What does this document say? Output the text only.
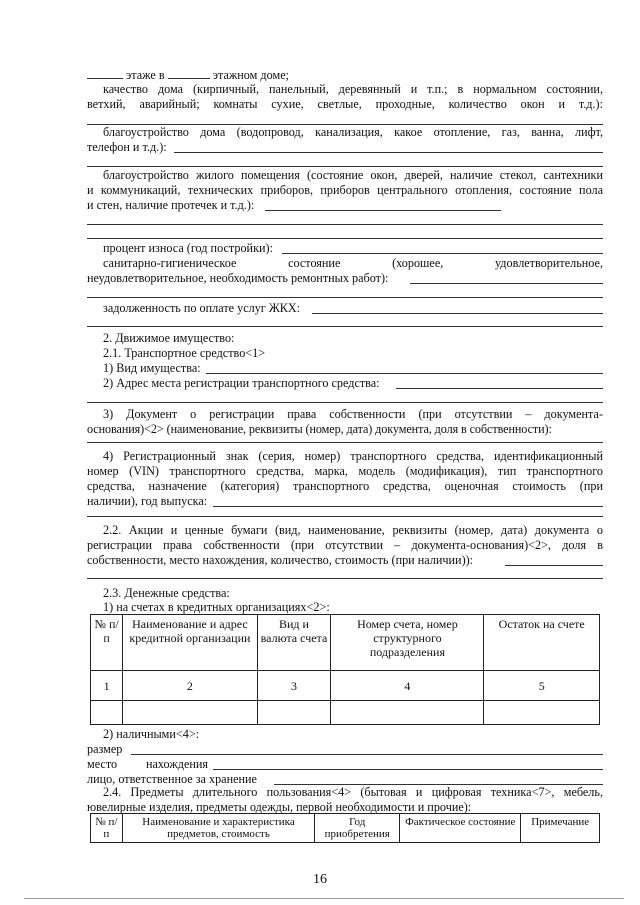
этаже в	этажном доме;
качество дома (кирпичный, панельный, деревянный и т.п.; в нормальном состоянии,
ветхий, аварийный; комнаты сухие, светлые, проходные, количество окон и т.д.):
благоустройство дома (водопровод, канализация, какое отопление, газ, ванна, лифт,
телефон и т.д.):
благоустройство жилого помещения (состояние окон, дверей, наличие стекол, сантехники
и коммуникаций, технических приборов, приборов центрального отопления, состояние пола
и стен, наличие протечек и т.д.):
процент износа (год постройки):
санитарно-гигиеническое состояние (хорошее, удовлетворительное,
неудовлетворительное, необходимость ремонтных работ):
задолженность по оплате услуг ЖКХ:
2. Движимое имущество:
2.1. Транспортное средство<1>
1) Вид имущества:
2) Адрес места регистрации транспортного средства:
3) Документ о регистрации права собственности (при отсутствии – документа-
основания)<2> (наименование, реквизиты (номер, дата) документа, доля в собственности):
4) Регистрационный знак (серия, номер) транспортного средства, идентификационный
номер (VIN) транспортного средства, марка, модель (модификация), тип транспортного
средства, назначение (категория) транспортного средства, оценочная стоимость (при
наличии), год выпуска:
2.2. Акции и ценные бумаги (вид, наименование, реквизиты (номер, дата) документа о
регистрации права собственности (при отсутствии – документа-основания)<2>, доля в
собственности, место нахождения, количество, стоимость (при наличии)):
2.3. Денежные средства:
1) на счетах в кредитных организациях<2>:
№ п/п	Наименование и адрес кредитной организации	Вид и валюта счета	Номер счета, номер структурного подразделения	Остаток на счете
1	2	3	4	5

2) наличными<4>:
размер
место нахождения
лицо, ответственное за хранение
2.4. Предметы длительного пользования<4> (бытовая и цифровая техника<7>, мебель,
ювелирные изделия, предметы одежды, первой необходимости и прочие):
№ п/п	Наименование и характеристика предметов, стоимость	Год приобретения	Фактическое состояние	Примечание
16
